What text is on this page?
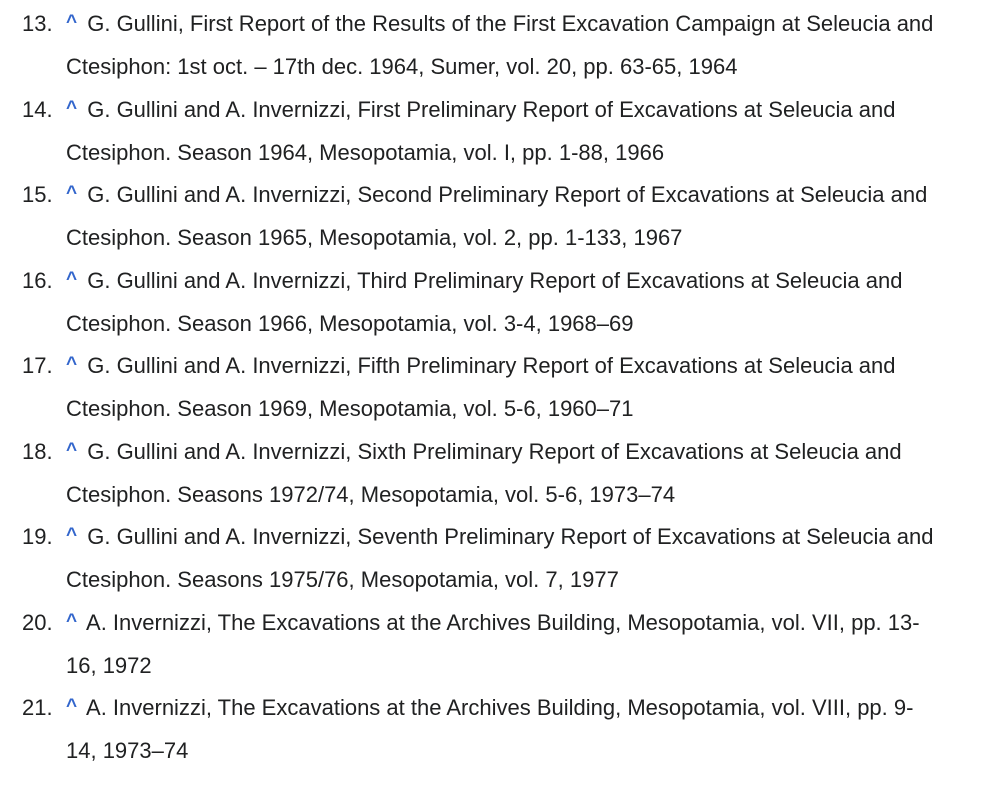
13. ^ G. Gullini, First Report of the Results of the First Excavation Campaign at Seleucia and Ctesiphon: 1st oct. – 17th dec. 1964, Sumer, vol. 20, pp. 63-65, 1964
14. ^ G. Gullini and A. Invernizzi, First Preliminary Report of Excavations at Seleucia and Ctesiphon. Season 1964, Mesopotamia, vol. I, pp. 1-88, 1966
15. ^ G. Gullini and A. Invernizzi, Second Preliminary Report of Excavations at Seleucia and Ctesiphon. Season 1965, Mesopotamia, vol. 2, pp. 1-133, 1967
16. ^ G. Gullini and A. Invernizzi, Third Preliminary Report of Excavations at Seleucia and Ctesiphon. Season 1966, Mesopotamia, vol. 3-4, 1968–69
17. ^ G. Gullini and A. Invernizzi, Fifth Preliminary Report of Excavations at Seleucia and Ctesiphon. Season 1969, Mesopotamia, vol. 5-6, 1960–71
18. ^ G. Gullini and A. Invernizzi, Sixth Preliminary Report of Excavations at Seleucia and Ctesiphon. Seasons 1972/74, Mesopotamia, vol. 5-6, 1973–74
19. ^ G. Gullini and A. Invernizzi, Seventh Preliminary Report of Excavations at Seleucia and Ctesiphon. Seasons 1975/76, Mesopotamia, vol. 7, 1977
20. ^ A. Invernizzi, The Excavations at the Archives Building, Mesopotamia, vol. VII, pp. 13-16, 1972
21. ^ A. Invernizzi, The Excavations at the Archives Building, Mesopotamia, vol. VIII, pp. 9-14, 1973–74
